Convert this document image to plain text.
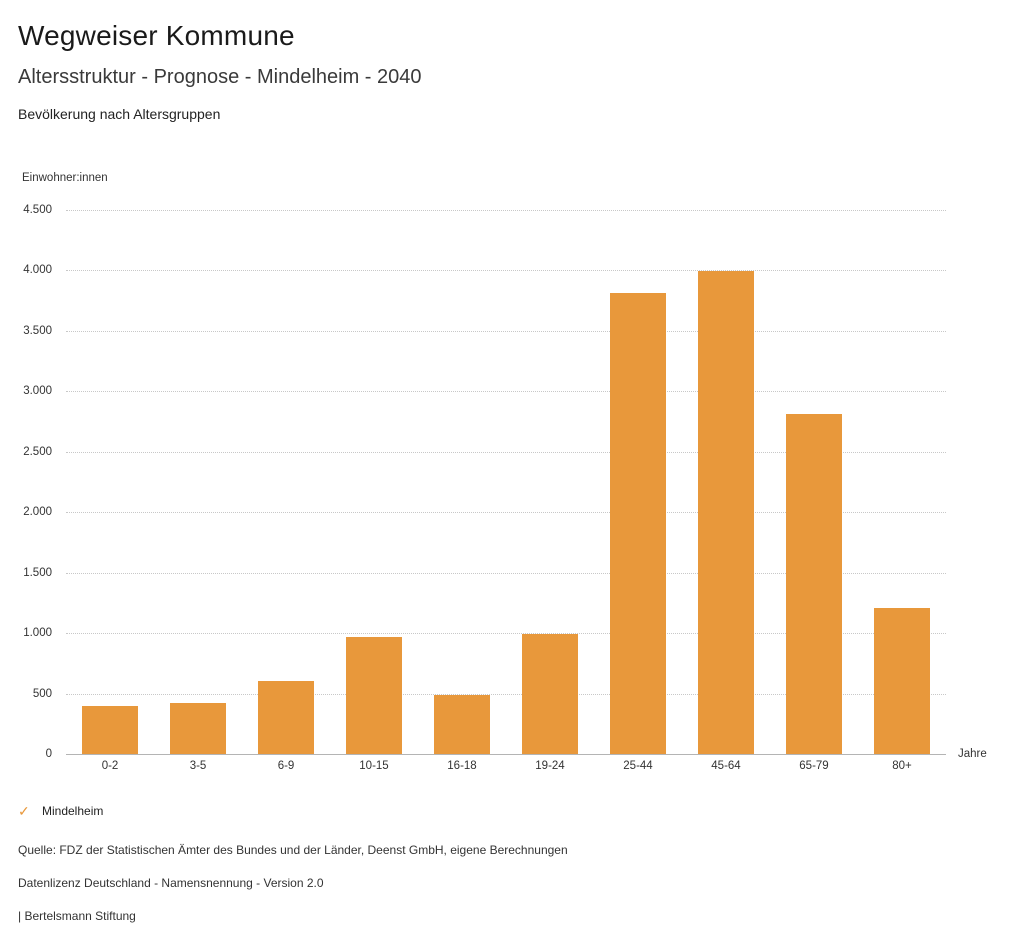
Wegweiser Kommune
Altersstruktur - Prognose - Mindelheim - 2040
Bevölkerung nach Altersgruppen
Einwohner:innen
0
500
1.000
1.500
2.000
2.500
3.000
3.500
4.000
4.500
0-2	3-5	6-9	10-15	16-18	19-24	25-44	45-64	65-79	80+
Jahre
✓ Mindelheim
Quelle: FDZ der Statistischen Ämter des Bundes und der Länder, Deenst GmbH, eigene Berechnungen
Datenlizenz Deutschland - Namensnennung - Version 2.0
| Bertelsmann Stiftung
